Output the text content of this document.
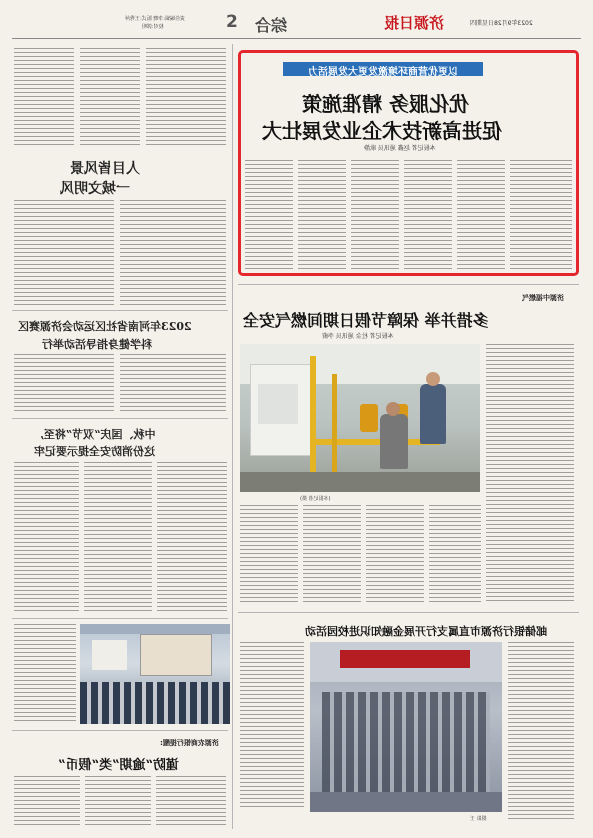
2023年9月28日星期四
济源日报
综合
2
责任编辑:李晓 版式:王秀萍
校对:郭明
以更优营商环境激发更大发展活力
优化服务 精准施策
促进高新技术企业发展壮大
本报记者 赵鑫 通讯员 耿静
人目皆风景
一城文明风
2023年河南省社区运动会济源赛区
科学健身指导活动举行
中秋、国庆“双节”将至,
这份消防安全提示要记牢
济源中福燃气
多措并举 保障节假日期间燃气安全
本报记者 杜金 通讯员 李蔚
(本报记者 摄)
邮储银行济源市直属支行开展金融知识进校园活动
摄影 王
济源农商银行提醒:
谨防“逾期”类“假币”
